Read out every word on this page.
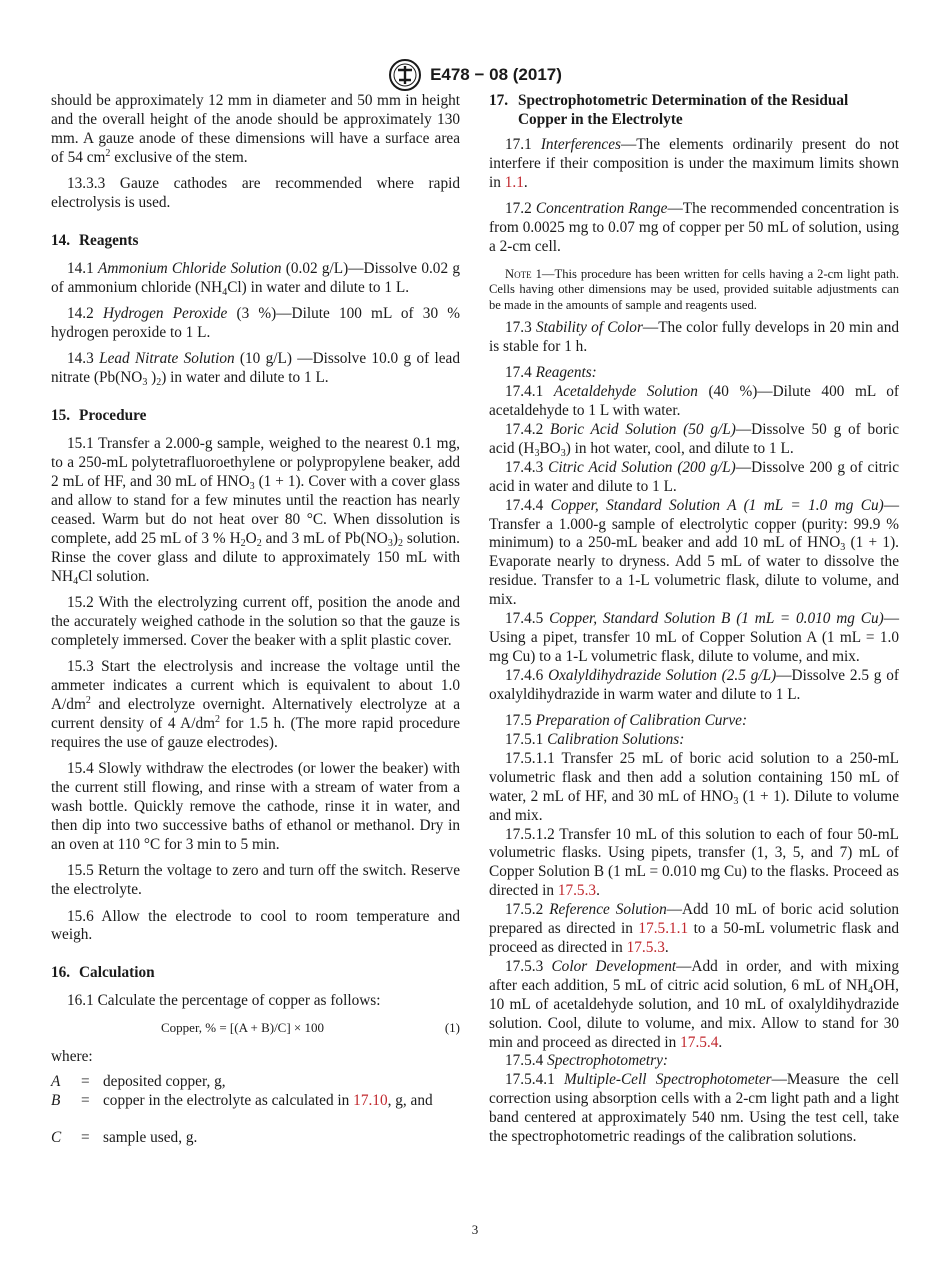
E478 − 08 (2017)

should be approximately 12 mm in diameter and 50 mm in height and the overall height of the anode should be approximately 130 mm. A gauze anode of these dimensions will have a surface area of 54 $cm^2$ exclusive of the stem.

13.3.3 Gauze cathodes are recommended where rapid electrolysis is used.

14. Reagents

14.1 Ammonium Chloride Solution (0.02 g/L)—Dissolve 0.02 g of ammonium chloride $(NH_4Cl)$ in water and dilute to 1 L.

14.2 Hydrogen Peroxide (3 %)—Dilute 100 mL of 30 % hydrogen peroxide to 1 L.

14.3 Lead Nitrate Solution (10 g/L) —Dissolve 10.0 g of lead nitrate ($Pb(NO_3$ )$_2$) in water and dilute to 1 L.

15. Procedure

15.1 Transfer a 2.000-g sample, weighed to the nearest 0.1 mg, to a 250-mL polytetrafluoroethylene or polypropylene beaker, add 2 mL of HF, and 30 mL of $HNO_3$ (1 + 1). Cover with a cover glass and allow to stand for a few minutes until the reaction has nearly ceased. Warm but do not heat over 80 °C. When dissolution is complete, add 25 mL of 3 % $H_2O_2$ and 3 mL of $Pb(NO_3)_2$ solution. Rinse the cover glass and dilute to approximately 150 mL with $NH_4Cl$ solution.

15.2 With the electrolyzing current off, position the anode and the accurately weighed cathode in the solution so that the gauze is completely immersed. Cover the beaker with a split plastic cover.

15.3 Start the electrolysis and increase the voltage until the ammeter indicates a current which is equivalent to about 1.0 $A/dm^2$ and electrolyze overnight. Alternatively electrolyze at a current density of 4 $A/dm^2$ for 1.5 h. (The more rapid procedure requires the use of gauze electrodes).

15.4 Slowly withdraw the electrodes (or lower the beaker) with the current still flowing, and rinse with a stream of water from a wash bottle. Quickly remove the cathode, rinse it in water, and then dip into two successive baths of ethanol or methanol. Dry in an oven at 110 °C for 3 min to 5 min.

15.5 Return the voltage to zero and turn off the switch. Reserve the electrolyte.

15.6 Allow the electrode to cool to room temperature and weigh.

16. Calculation

16.1 Calculate the percentage of copper as follows:

Copper, % = [(A + B)/C] × 100	(1)

where:

A	= deposited copper, g,
B	= copper in the electrolyte as calculated in 17.10, g, and
C	= sample used, g.

17. Spectrophotometric Determination of the Residual Copper in the Electrolyte

17.1 Interferences—The elements ordinarily present do not interfere if their composition is under the maximum limits shown in 1.1.

17.2 Concentration Range—The recommended concentration is from 0.0025 mg to 0.07 mg of copper per 50 mL of solution, using a 2-cm cell.

Note 1—This procedure has been written for cells having a 2-cm light path. Cells having other dimensions may be used, provided suitable adjustments can be made in the amounts of sample and reagents used.

17.3 Stability of Color—The color fully develops in 20 min and is stable for 1 h.

17.4 Reagents:

17.4.1 Acetaldehyde Solution (40 %)—Dilute 400 mL of acetaldehyde to 1 L with water.

17.4.2 Boric Acid Solution (50 g/L)—Dissolve 50 g of boric acid $(H_3BO_3)$ in hot water, cool, and dilute to 1 L.

17.4.3 Citric Acid Solution (200 g/L)—Dissolve 200 g of citric acid in water and dilute to 1 L.

17.4.4 Copper, Standard Solution A (1 mL = 1.0 mg Cu)—Transfer a 1.000-g sample of electrolytic copper (purity: 99.9 % minimum) to a 250-mL beaker and add 10 mL of $HNO_3$ (1 + 1). Evaporate nearly to dryness. Add 5 mL of water to dissolve the residue. Transfer to a 1-L volumetric flask, dilute to volume, and mix.

17.4.5 Copper, Standard Solution B (1 mL = 0.010 mg Cu)—Using a pipet, transfer 10 mL of Copper Solution A (1 mL = 1.0 mg Cu) to a 1-L volumetric flask, dilute to volume, and mix.

17.4.6 Oxalyldihydrazide Solution (2.5 g/L)—Dissolve 2.5 g of oxalyldihydrazide in warm water and dilute to 1 L.

17.5 Preparation of Calibration Curve:

17.5.1 Calibration Solutions:

17.5.1.1 Transfer 25 mL of boric acid solution to a 250-mL volumetric flask and then add a solution containing 150 mL of water, 2 mL of HF, and 30 mL of $HNO_3$ (1 + 1). Dilute to volume and mix.

17.5.1.2 Transfer 10 mL of this solution to each of four 50-mL volumetric flasks. Using pipets, transfer (1, 3, 5, and 7) mL of Copper Solution B (1 mL = 0.010 mg Cu) to the flasks. Proceed as directed in 17.5.3.

17.5.2 Reference Solution—Add 10 mL of boric acid solution prepared as directed in 17.5.1.1 to a 50-mL volumetric flask and proceed as directed in 17.5.3.

17.5.3 Color Development—Add in order, and with mixing after each addition, 5 mL of citric acid solution, 6 mL of $NH_4OH$, 10 mL of acetaldehyde solution, and 10 mL of oxalyldihydrazide solution. Cool, dilute to volume, and mix. Allow to stand for 30 min and proceed as directed in 17.5.4.

17.5.4 Spectrophotometry:

17.5.4.1 Multiple-Cell Spectrophotometer—Measure the cell correction using absorption cells with a 2-cm light path and a light band centered at approximately 540 nm. Using the test cell, take the spectrophotometric readings of the calibration solutions.

3
